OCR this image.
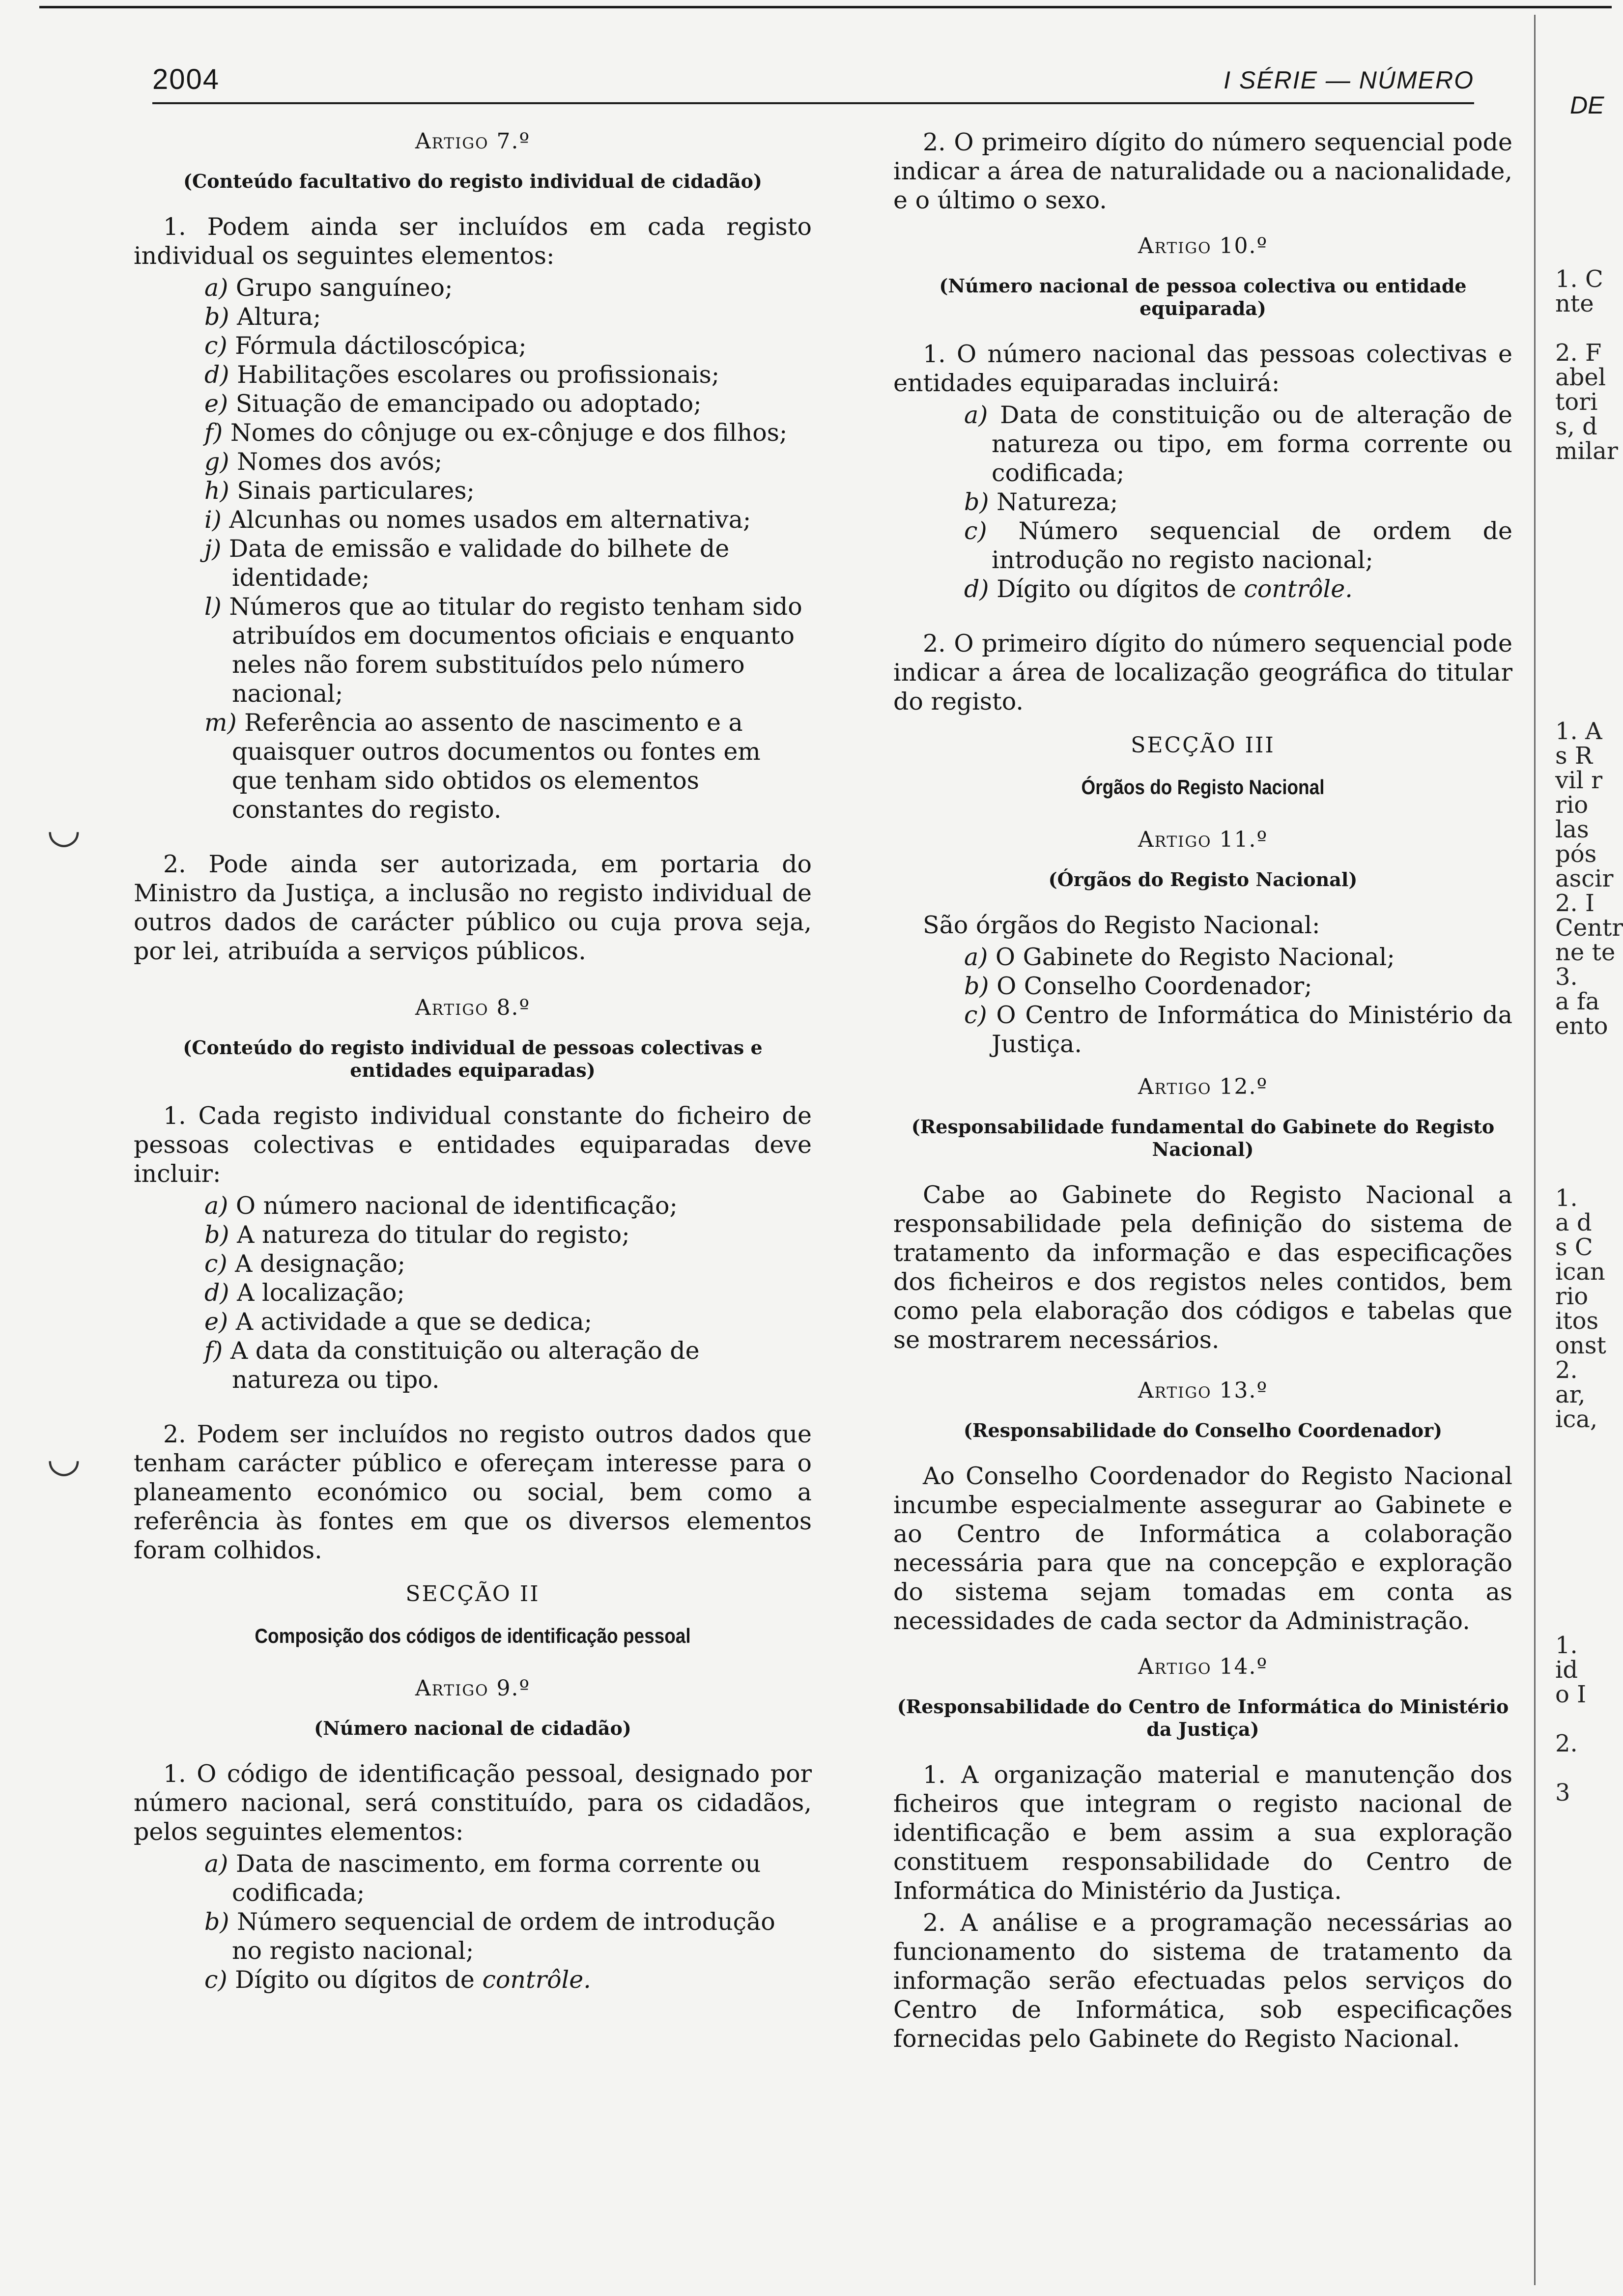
2004	I SÉRIE — NÚMERO
DE
Artigo 7.º
(Conteúdo facultativo do registo individual de cidadão)

1. Podem ainda ser incluídos em cada registo individual os seguintes elementos:

a) Grupo sanguíneo;
b) Altura;
c) Fórmula dáctiloscópica;
d) Habilitações escolares ou profissionais;
e) Situação de emancipado ou adoptado;
f) Nomes do cônjuge ou ex-cônjuge e dos filhos;
g) Nomes dos avós;
h) Sinais particulares;
i) Alcunhas ou nomes usados em alternativa;
j) Data de emissão e validade do bilhete de identidade;
l) Números que ao titular do registo tenham sido atribuídos em documentos oficiais e enquanto neles não forem substituídos pelo número nacional;
m) Referência ao assento de nascimento e a quaisquer outros documentos ou fontes em que tenham sido obtidos os elementos constantes do registo.

2. Pode ainda ser autorizada, em portaria do Ministro da Justiça, a inclusão no registo individual de outros dados de carácter público ou cuja prova seja, por lei, atribuída a serviços públicos.

Artigo 8.º
(Conteúdo do registo individual de pessoas colectivas e entidades equiparadas)

1. Cada registo individual constante do ficheiro de pessoas colectivas e entidades equiparadas deve incluir:

a) O número nacional de identificação;
b) A natureza do titular do registo;
c) A designação;
d) A localização;
e) A actividade a que se dedica;
f) A data da constituição ou alteração de natureza ou tipo.

2. Podem ser incluídos no registo outros dados que tenham carácter público e ofereçam interesse para o planeamento económico ou social, bem como a referência às fontes em que os diversos elementos foram colhidos.

SECÇÃO II
Composição dos códigos de identificação pessoal
Artigo 9.º
(Número nacional de cidadão)

1. O código de identificação pessoal, designado por número nacional, será constituído, para os cidadãos, pelos seguintes elementos:

a) Data de nascimento, em forma corrente ou codificada;
b) Número sequencial de ordem de introdução no registo nacional;
c) Dígito ou dígitos de contrôle.

2. O primeiro dígito do número sequencial pode indicar a área de naturalidade ou a nacionalidade, e o último o sexo.

Artigo 10.º
(Número nacional de pessoa colectiva ou entidade equiparada)

1. O número nacional das pessoas colectivas e entidades equiparadas incluirá:

a) Data de constituição ou de alteração de natureza ou tipo, em forma corrente ou codificada;
b) Natureza;
c) Número sequencial de ordem de introdução no registo nacional;
d) Dígito ou dígitos de contrôle.

2. O primeiro dígito do número sequencial pode indicar a área de localização geográfica do titular do registo.

SECÇÃO III
Órgãos do Registo Nacional
Artigo 11.º
(Órgãos do Registo Nacional)

São órgãos do Registo Nacional:

a) O Gabinete do Registo Nacional;
b) O Conselho Coordenador;
c) O Centro de Informática do Ministério da Justiça.
Artigo 12.º
(Responsabilidade fundamental do Gabinete do Registo Nacional)

Cabe ao Gabinete do Registo Nacional a responsabilidade pela definição do sistema de tratamento da informação e das especificações dos ficheiros e dos registos neles contidos, bem como pela elaboração dos códigos e tabelas que se mostrarem necessários.

Artigo 13.º
(Responsabilidade do Conselho Coordenador)

Ao Conselho Coordenador do Registo Nacional incumbe especialmente assegurar ao Gabinete e ao Centro de Informática a colaboração necessária para que na concepção e exploração do sistema sejam tomadas em conta as necessidades de cada sector da Administração.

Artigo 14.º
(Responsabilidade do Centro de Informática do Ministério da Justiça)

1. A organização material e manutenção dos ficheiros que integram o registo nacional de identificação e bem assim a sua exploração constituem responsabilidade do Centro de Informática do Ministério da Justiça.

2. A análise e a programação necessárias ao funcionamento do sistema de tratamento da informação serão efectuadas pelos serviços do Centro de Informática, sob especificações fornecidas pelo Gabinete do Registo Nacional.

1. C
nte
2. F
abel
tori
s, d
milar
1. A
s R
vil r
rio
las
pós
ascir
2. I
Centr
ne te
3.
a fa
ento
1.
a d
s C
ican
rio
itos
onst
2.
ar,
ica,
1.
id
o I
2.
3
◡
◡
